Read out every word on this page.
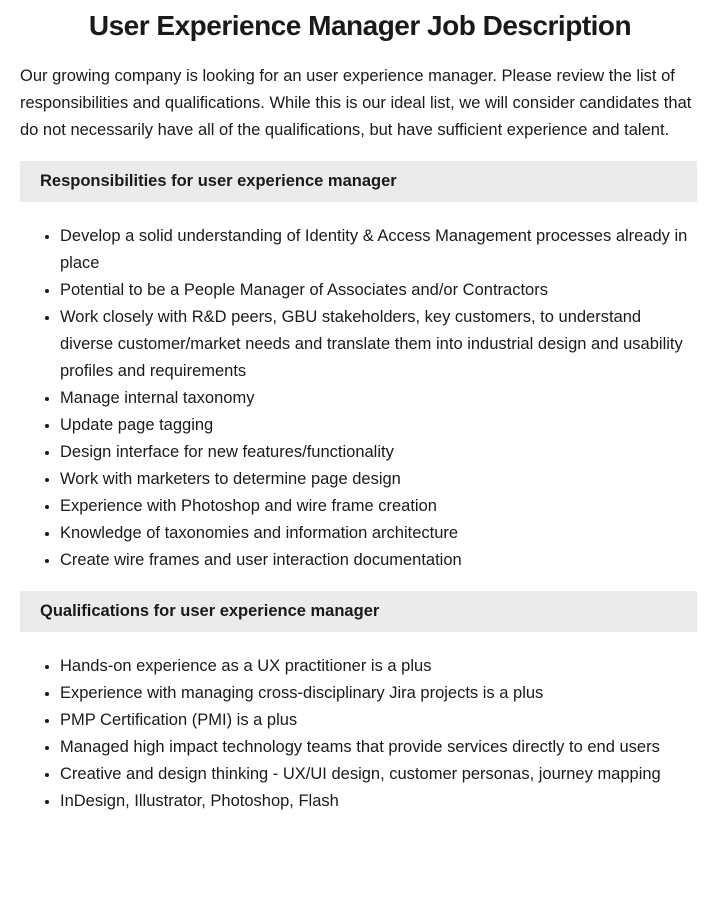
User Experience Manager Job Description

Our growing company is looking for an user experience manager. Please review the list of responsibilities and qualifications. While this is our ideal list, we will consider candidates that do not necessarily have all of the qualifications, but have sufficient experience and talent.

Responsibilities for user experience manager
• Develop a solid understanding of Identity & Access Management processes already in place
• Potential to be a People Manager of Associates and/or Contractors
• Work closely with R&D peers, GBU stakeholders, key customers, to understand diverse customer/market needs and translate them into industrial design and usability profiles and requirements
• Manage internal taxonomy
• Update page tagging
• Design interface for new features/functionality
• Work with marketers to determine page design
• Experience with Photoshop and wire frame creation
• Knowledge of taxonomies and information architecture
• Create wire frames and user interaction documentation
Qualifications for user experience manager
• Hands-on experience as a UX practitioner is a plus
• Experience with managing cross-disciplinary Jira projects is a plus
• PMP Certification (PMI) is a plus
• Managed high impact technology teams that provide services directly to end users
• Creative and design thinking - UX/UI design, customer personas, journey mapping
• InDesign, Illustrator, Photoshop, Flash
